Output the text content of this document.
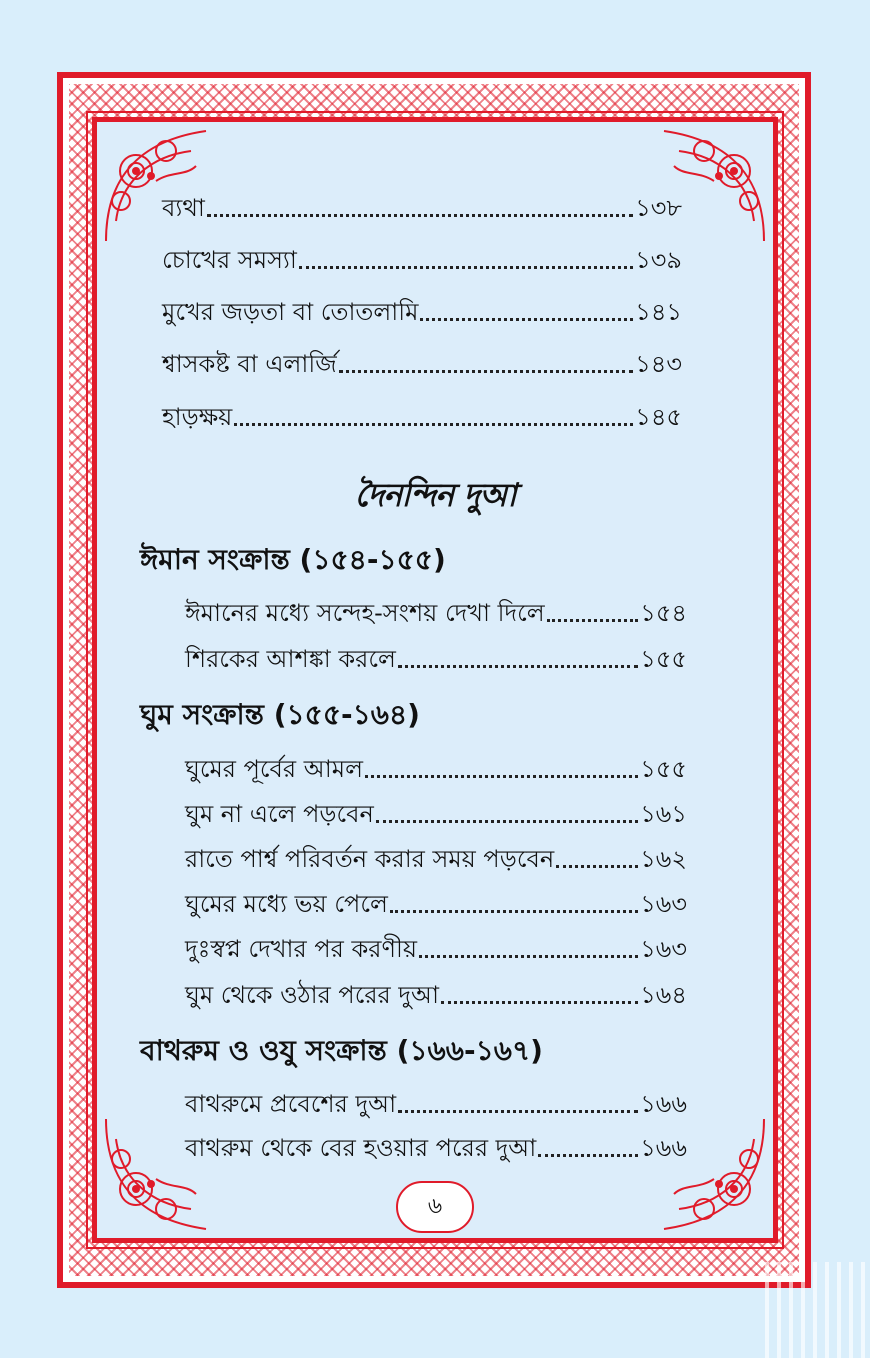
ব্যথা	১৩৮
চোখের সমস্যা	১৩৯
মুখের জড়তা বা তোতলামি	১৪১
শ্বাসকষ্ট বা এলার্জি	১৪৩
হাড়ক্ষয়	১৪৫
দৈনন্দিন দুআ
ঈমান সংক্রান্ত (১৫৪-১৫৫)
ঈমানের মধ্যে সন্দেহ-সংশয় দেখা দিলে	১৫৪
শিরকের আশঙ্কা করলে	১৫৫
ঘুম সংক্রান্ত (১৫৫-১৬৪)
ঘুমের পূর্বের আমল	১৫৫
ঘুম না এলে পড়বেন	১৬১
রাতে পার্শ্ব পরিবর্তন করার সময় পড়বেন	১৬২
ঘুমের মধ্যে ভয় পেলে	১৬৩
দুঃস্বপ্ন দেখার পর করণীয়	১৬৩
ঘুম থেকে ওঠার পরের দুআ	১৬৪
বাথরুম ও ওযু সংক্রান্ত (১৬৬-১৬৭)
বাথরুমে প্রবেশের দুআ	১৬৬
বাথরুম থেকে বের হওয়ার পরের দুআ	১৬৬
৬
